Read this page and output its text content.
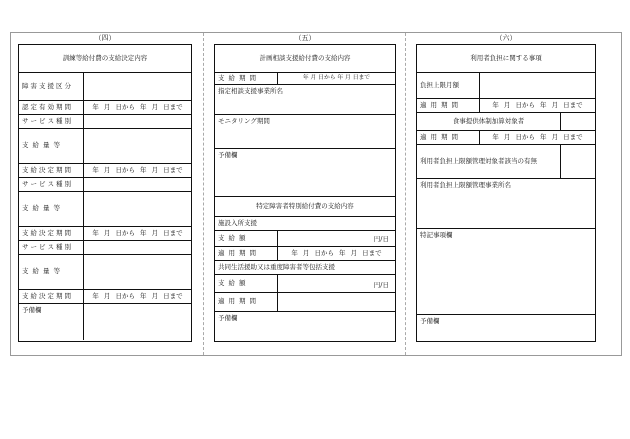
（四）	（五）	（六）
訓練等給付費の支給決定内容
障害支援区分
認定有効期間	年 月 日から 年 月 日まで
サービス種別
支給量等
支給決定期間	年 月 日から 年 月 日まで
サービス種別
支給量等
支給決定期間	年 月 日から 年 月 日まで
サービス種別
支給量等
支給決定期間	年 月 日から 年 月 日まで
予備欄
計画相談支援給付費の支給内容
支給期間	年 月 日から 年 月 日まで
指定相談支援事業所名
モニタリング期間
予備欄
特定障害者特別給付費の支給内容
施設入所支援
支給額	円/日
適用期間	年 月 日から 年 月 日まで
共同生活援助又は重度障害者等包括支援
支給額	円/日
適用期間
予備欄
利用者負担に関する事項
負担上限月額
適用期間	年 月 日から 年 月 日まで
食事提供体制加算対象者
適用期間	年 月 日から 年 月 日まで
利用者負担上限額管理対象者該当の有無
利用者負担上限額管理事業所名
特記事項欄
予備欄
